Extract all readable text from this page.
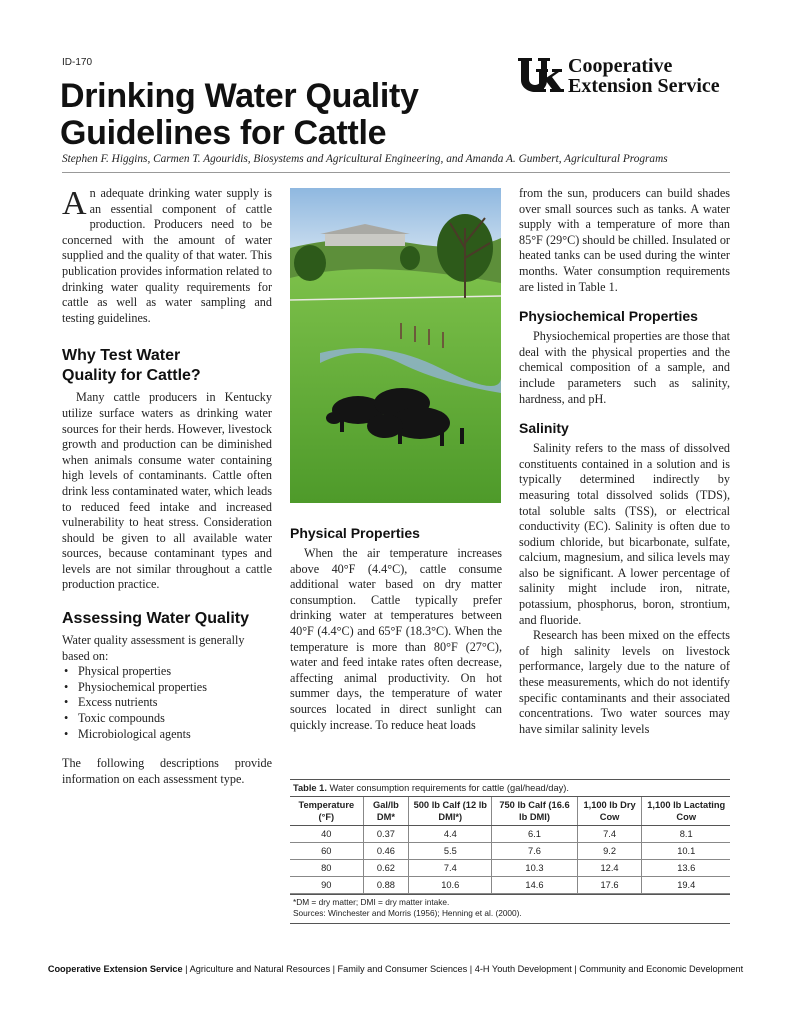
ID-170
Drinking Water Quality
Guidelines for Cattle
Cooperative
Extension Service
Stephen F. Higgins, Carmen T. Agouridis, Biosystems and Agricultural Engineering, and Amanda A. Gumbert, Agricultural Programs

An adequate drinking water supply is an essential component of cattle production. Producers need to be concerned with the amount of water supplied and the quality of that water. This publication provides information related to drinking water quality requirements for cattle as well as water sampling and testing guidelines.

Why Test Water
Quality for Cattle?

Many cattle producers in Kentucky utilize surface waters as drinking water sources for their herds. However, livestock growth and production can be diminished when animals consume water containing high levels of contaminants. Cattle often drink less contaminated water, which leads to reduced feed intake and increased vulnerability to heat stress. Consideration should be given to all available water sources, because contaminant types and levels are not similar throughout a cattle production practice.

Assessing Water Quality

Water quality assessment is generally based on:

• Physical properties
• Physiochemical properties
• Excess nutrients
• Toxic compounds
• Microbiological agents

The following descriptions provide information on each assessment type.

Physical Properties

When the air temperature increases above 40°F (4.4°C), cattle consume additional water based on dry matter consumption. Cattle typically prefer drinking water at temperatures between 40°F (4.4°C) and 65°F (18.3°C). When the temperature is more than 80°F (27°C), water and feed intake rates often decrease, affecting animal productivity. On hot summer days, the temperature of water sources located in direct sunlight can quickly increase. To reduce heat loads

from the sun, producers can build shades over small sources such as tanks. A water supply with a temperature of more than 85°F (29°C) should be chilled. Insulated or heated tanks can be used during the winter months. Water consumption requirements are listed in Table 1.

Physiochemical Properties

Physiochemical properties are those that deal with the physical properties and the chemical composition of a sample, and include parameters such as salinity, hardness, and pH.

Salinity

Salinity refers to the mass of dissolved constituents contained in a solution and is typically determined indirectly by measuring total dissolved solids (TDS), total soluble salts (TSS), or electrical conductivity (EC). Salinity is often due to sodium chloride, but bicarbonate, sulfate, calcium, magnesium, and silica levels may also be significant. A lower percentage of salinity might include iron, nitrate, potassium, phosphorus, boron, strontium, and fluoride.

Research has been mixed on the effects of high salinity levels on livestock performance, largely due to the nature of these measurements, which do not identify specific contaminants and their associated concentrations. Two water sources may have similar salinity levels

Table 1. Water consumption requirements for cattle (gal/head/day).
Temperature (°F)	Gal/lb DM*	500 lb Calf (12 lb DMI*)	750 lb Calf (16.6 lb DMI)	1,100 lb Dry Cow	1,100 lb Lactating Cow
40	0.37	4.4	6.1	7.4	8.1
60	0.46	5.5	7.6	9.2	10.1
80	0.62	7.4	10.3	12.4	13.6
90	0.88	10.6	14.6	17.6	19.4
*DM = dry matter; DMI = dry matter intake.
Sources: Winchester and Morris (1956); Henning et al. (2000).
Cooperative Extension Service | Agriculture and Natural Resources | Family and Consumer Sciences | 4-H Youth Development | Community and Economic Development
